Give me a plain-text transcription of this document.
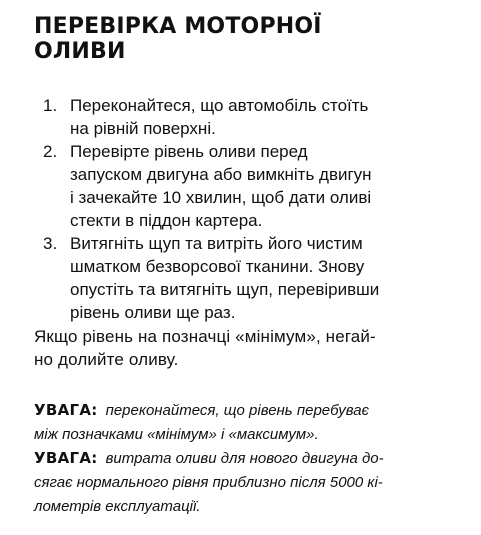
ПЕРЕВІРКА МОТОРНОЇ
ОЛИВИ
1. Переконайтеся, що автомобіль стоїть
на рівній поверхні.
2. Перевірте рівень оливи перед
запуском двигуна або вимкніть двигун
і зачекайте 10 хвилин, щоб дати оливі
стекти в піддон картера.
3. Витягніть щуп та витріть його чистим
шматком безворсової тканини. Знову
опустіть та витягніть щуп, перевіривши
рівень оливи ще раз.

Якщо рівень на позначці «мінімум», негай-
но долийте оливу.

УВАГА: переконайтеся, що рівень перебуває
між позначками «мінімум» і «максимум».

УВАГА: витрата оливи для нового двигуна до-
сягає нормального рівня приблизно після 5000 кі-
лометрів експлуатації.
